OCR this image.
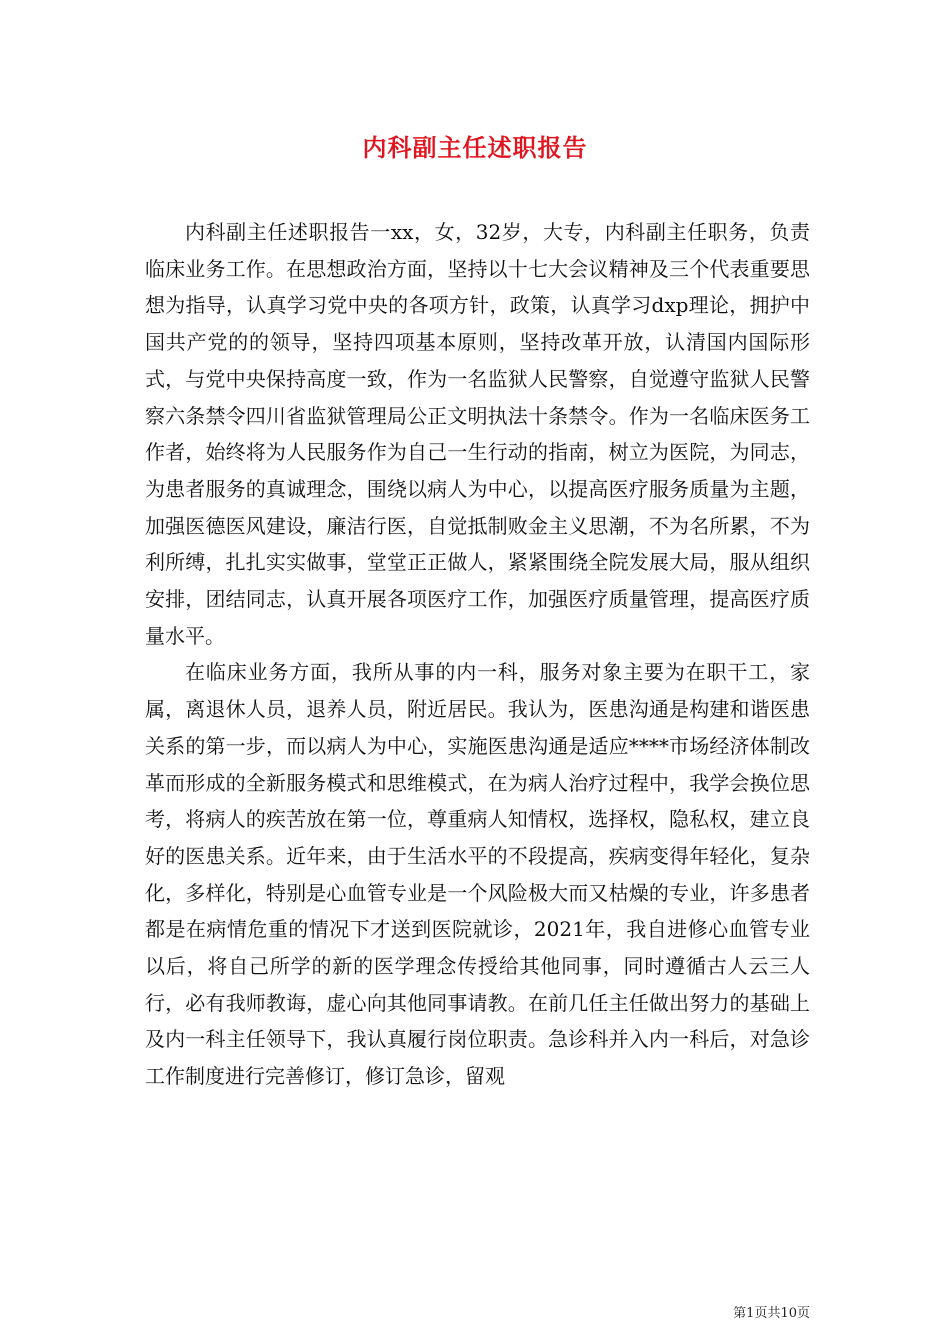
内科副主任述职报告

内科副主任述职报告一xx，女，32岁，大专，内科副主任职务，负责临床业务工作。在思想政治方面，坚持以十七大会议精神及三个代表重要思想为指导，认真学习党中央的各项方针，政策，认真学习dxp理论，拥护中国共产党的的领导，坚持四项基本原则，坚持改革开放，认清国内国际形式，与党中央保持高度一致，作为一名监狱人民警察，自觉遵守监狱人民警察六条禁令四川省监狱管理局公正文明执法十条禁令。作为一名临床医务工作者，始终将为人民服务作为自己一生行动的指南，树立为医院，为同志，为患者服务的真诚理念，围绕以病人为中心，以提高医疗服务质量为主题，加强医德医风建设，廉洁行医，自觉抵制败金主义思潮，不为名所累，不为利所缚，扎扎实实做事，堂堂正正做人，紧紧围绕全院发展大局，服从组织安排，团结同志，认真开展各项医疗工作，加强医疗质量管理，提高医疗质量水平。

在临床业务方面，我所从事的内一科，服务对象主要为在职干工，家属，离退休人员，退养人员，附近居民。我认为，医患沟通是构建和谐医患关系的第一步，而以病人为中心，实施医患沟通是适应****市场经济体制改革而形成的全新服务模式和思维模式，在为病人治疗过程中，我学会换位思考，将病人的疾苦放在第一位，尊重病人知情权，选择权，隐私权，建立良好的医患关系。近年来，由于生活水平的不段提高，疾病变得年轻化，复杂化，多样化，特别是心血管专业是一个风险极大而又枯燥的专业，许多患者都是在病情危重的情况下才送到医院就诊，2021年，我自进修心血管专业以后，将自己所学的新的医学理念传授给其他同事，同时遵循古人云三人行，必有我师教诲，虚心向其他同事请教。在前几任主任做出努力的基础上及内一科主任领导下，我认真履行岗位职责。急诊科并入内一科后，对急诊工作制度进行完善修订，修订急诊，留观

第1页共10页
